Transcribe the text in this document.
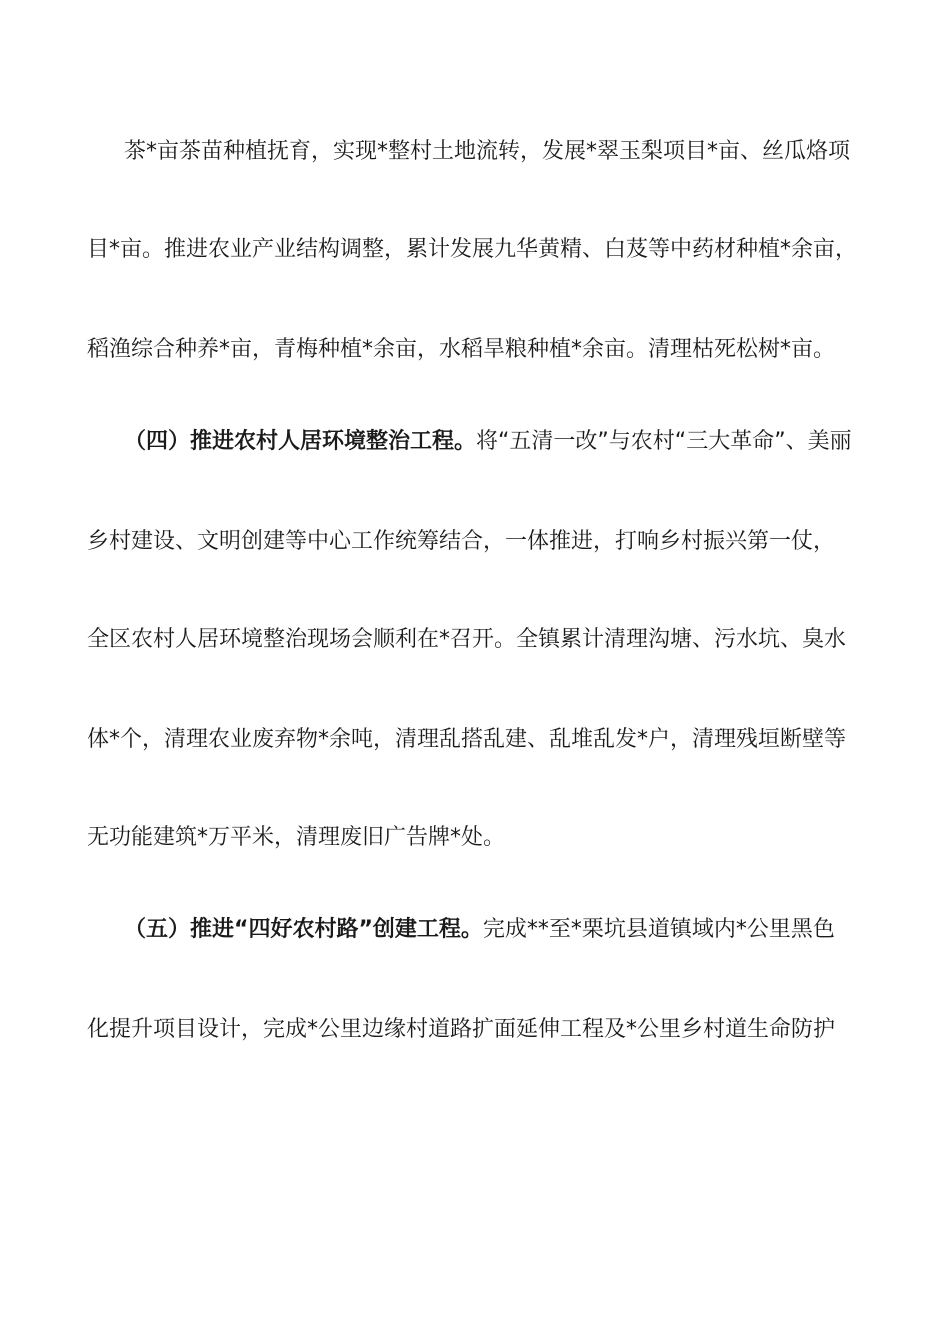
茶*亩茶苗种植抚育，实现*整村土地流转，发展*翠玉梨项目*亩、丝瓜烙项
目*亩。推进农业产业结构调整，累计发展九华黄精、白芨等中药材种植*余亩，
稻渔综合种养*亩，青梅种植*余亩，水稻旱粮种植*余亩。清理枯死松树*亩。
（四）推进农村人居环境整治工程。将“五清一改”与农村“三大革命”、美丽
乡村建设、文明创建等中心工作统筹结合，一体推进，打响乡村振兴第一仗，
全区农村人居环境整治现场会顺利在*召开。全镇累计清理沟塘、污水坑、臭水
体*个，清理农业废弃物*余吨，清理乱搭乱建、乱堆乱发*户，清理残垣断壁等
无功能建筑*万平米，清理废旧广告牌*处。
（五）推进“四好农村路”创建工程。完成**至*栗坑县道镇域内*公里黑色
化提升项目设计，完成*公里边缘村道路扩面延伸工程及*公里乡村道生命防护
